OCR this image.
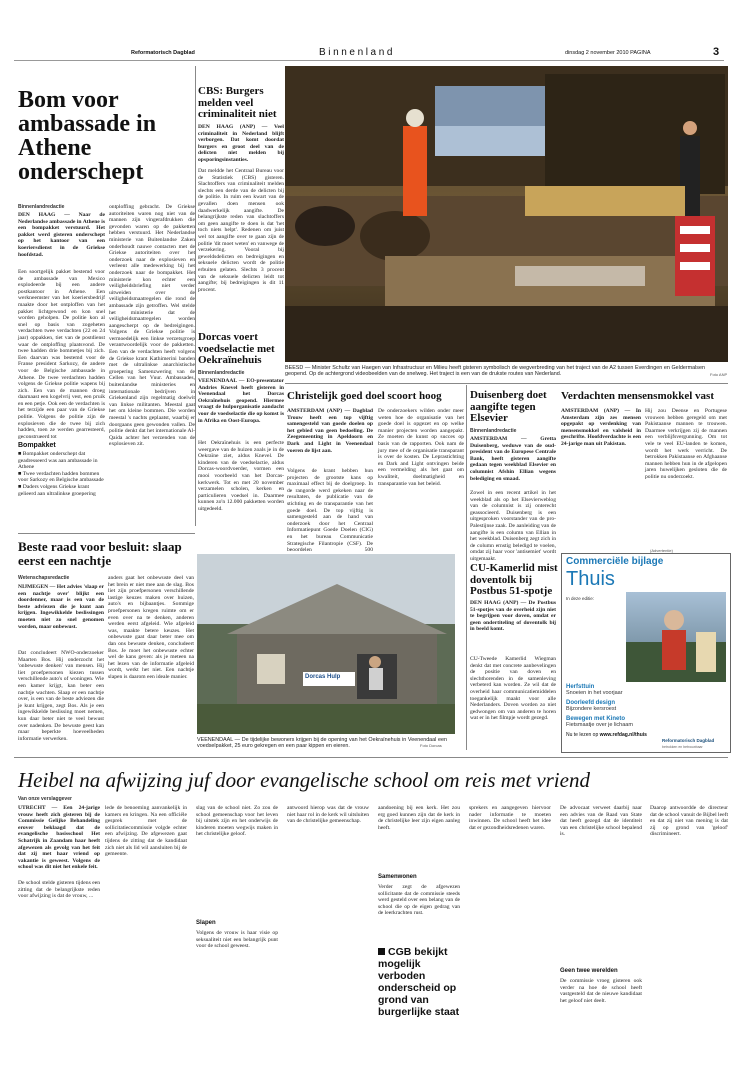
Reformatorisch Dagblad	Binnenland	dinsdag 2 november 2010 PAGINA	3
Bom voor ambassade in Athene onderschept
Binnenlandredactie
DEN HAAG — Naar de Nederlandse ambassade in Athene is een bompakket verstuurd. Het pakket werd gisteren onderschept op het kantoor van een koeriersdienst in de Griekse hoofdstad.
Een soortgelijk pakket bestemd voor de ambassade van Mexico explodeerde bij een andere postkantoor in Athene. Een werkneemster van het koeriersbedrijf maakte door het ontploffen van het pakket lichtgewond en kon snel worden geholpen. De politie kon al snel op basis van zogeheten verdachten twee verdachten (22 en 24 jaar) oppakken, tiet van de postdienst waar de ontploffing plaatsvond. De twee hadden drie bommetjes bij zich. Een daarvan was bestemd voor de Franse president Sarkozy, de andere voor de Belgische ambassade in Athene. De twee verdachten hadden volgens de Griekse politie wapens bij zich. Een van de mannen droeg daarnaast een kogelvrij vest, een pruik en een petje. Ook een de verdachten is het terzijde een paar van de Griekse politie. Volgens de politie zijn de explosieven die de twee bij zich hadden, toen ze werden gearresteerd, geconstrueerd tot
ontploffing gebracht. De Griekse autoriteiten waren nog niet van de mannen zijn vingerafdrukken die gevonden waren op de pakketten hebben verstuurd. Het Nederlandse ministerie van Buitenlandse Zaken onderhoudt nauwe contacten met de Griekse autoriteiten over het onderzoek naar de explosieven en verleent alle medewerking bij het onderzoek naar de bompakket. Het ministerie kon echter een veiligheidsbriefing niet verder uitweiden over de veiligheidsmaatregelen die rond de ambassade zijn getroffen. Wel stelde het ministerie dat de veiligheidsmaatregelen worden aangescherpt op de bedreigingen. Volgens de Griekse politie is vermoedelijk een linkse verzetsgroep verantwoordelijk voor de pakketten. Een van de verdachten heeft volgens de Griekse krant Kathimerini banden met de ultralinkse anarchistische groepering Samenzwering van de Cellen van het Vuur. Ambassades, buitenlandse ministeries en internationale bedrijven in Griekenland zijn regelmatig doelwit van linkse militanten. Meestal gaat het om kleine bommen. Die worden meestal 's nachts geplaatst, waarbij er doorgaans geen gewonden vallen. De politie denkt dat het internationale Al-Qaida achter het verzenden van de explosieven zit.
Bompakket
■ Bompakket onderschept dat geadresseerd was aan ambassade in Athene
■ Twee verdachten hadden bommen voor Sarkozy en Belgische ambassade
■ Daders volgens Griekse krant gelieerd aan ultralinkse groepering
CBS: Burgers melden veel criminaliteit niet
DEN HAAG (ANP) — Veel criminaliteit in Nederland blijft verborgen. Dat komt doordat burgers en groot deel van de delicten niet melden bij opsporingsinstanties.
Dat meldde het Centraal Bureau voor de Statistiek (CBS) gisteren. Slachtoffers van criminaliteit melden slechts een derde van de delicten bij de politie. In ruim een kwart van de gevallen doen mensen ook daadwerkelijk aangifte. De belangrijkste reden van slachtoffers om geen aangifte te doen is dat 'het toch niets helpt'. Redenen om juist wel tot aangifte over te gaan zijn de politie 'dit moet weten' en vanwege de verzekering. Vooral bij geweldsdelicten en bedreigingen en seksuele delicten wordt de politie erbuiten gelaten. Slechts 3 procent van de seksuele delicten leidt tot aangifte; bij bedreigingen is dit 11 procent.
Dorcas voert voedselactie met Oekraïnehuis
Binnenlandredactie
VEENENDAAL — EO-presentator Andries Knevel heeft gisteren in Veenendaal het Dorcas Oekraïnehuis geopend. Hiermee vraagt de hulporganisatie aandacht voor de voedselactie die op komst is in Afrika en Oost-Europa.
Het Oekraïnehuis is een perfecte weergave van de huizen zoals je in de Oekraïne ziet, aldus Knevel. De kinderen van de voedselactie, aldus Dorcas-woordvoerder, vormen een mooi voorbeeld van het Dorcas-kerkwerk. Tot en met 20 november verzamelen scholen, kerken en particulieren voedsel in. Daarmee kunnen zo'n 12.000 pakketten worden uitgedeeld.
BEESD — Minister Schultz van Haegen van Infrastructuur en Milieu heeft gisteren symbolisch de wegverbreding van het traject van de A2 tussen Everdingen en Geldermalsen geopend. Op de achtergrond videobeelden van de snelweg. Het traject is een van de drukste routes van Nederland.	Foto ANP
Christelijk goed doel scoort hoog
AMSTERDAM (ANP) — Dagblad Trouw heeft een top vijftig samengesteld van goede doelen op het gebied van geen bedoeling. De Zeegemeenting in Apeldoorn en Dark and Light in Veenendaal voeren de lijst aan.
Volgens de krant hebben hun projecten de grootste kans op maximaal effect bij de doelgroep. In de rangorde werd gekeken naar de resultaten, de publicatie van de stichting en de transparantie van het goede doel. De top vijftig is samengesteld aan de hand van onderzoek door het Centraal Informatiepunt Goede Doelen (CIG) en het bureau Communicatie Strategische Filantropie (CSF). De beoordelen 500
De onderzoekers wilden onder meer weten hoe de organisatie van het goede doel is opgezet en op welke manier projecten worden aangepakt. Ze moeten de kunst op succes op basis van de rapporten. Ook nam de jury mee of de organisatie transparant is over de kosten. De Leprastichting en Dark and Light ontvingen beide een vermelding als het gaat om kwaliteit, doelmatigheid en transparantie van het beleid.
Dorcas Hulp
VEENENDAAL — De tijdelijke bewoners krijgen bij de opening van het Oekraïnehuis in Veenendaal een voedselpakket, 25 euro gekregen en een paar kippen en eieren.	Foto Dorcas
Beste raad voor besluit: slaap eerst een nachtje
Wetenschapsredactie
NIJMEGEN — Het advies 'slaap er een nachtje over' blijkt een doordenner, maar is een van de beste adviezen die je kunt aan krijgen. Ingewikkelde beslissingen moeten niet zo snel genomen worden, maar onbewust.
Dat concludeert NWO-onderzoeker Maarten Bos. Hij onderzocht het 'onbewuste denken' van mensen. Hij liet proefpersonen kiezen tussen verschillende auto's of woningen. Wie een kamer krijgt, kan beter een nachtje wachten. Slaap er een nachtje over, is een van de beste adviezen die je kunt krijgen, zegt Bos. Als je een ingewikkelde beslissing moet nemen, kun daar beter niet te veel bewust over nadenken. De bewuste geest kan maar beperkte hoeveelheden informatie verwerken.
anders gaat het onbewuste deel van het brein er niet mee aan de slag. Bos liet zijn proefpersonen verschillende lastige keuzes maken over huizen, auto's en bijbaantjes. Sommige proefpersonen kregen ruimte om er even over na te denken, anderen werden eerst afgeleid. Wie afgeleid was, maakte betere keuzes. Het onbewuste gaat daar beter mee om dan ons bewuste denken, concludeert Bos. Je moet het onbewuste echter wel de kans geven: als je meteen na het lezen van de informatie afgeleid wordt, werkt het niet. Een nachtje slapen is daarom een ideale manier.
Duisenberg doet aangifte tegen Elsevier
Binnenlandredactie
AMSTERDAM — Gretta Duisenberg, weduwe van de oud-president van de Europese Centrale Bank, heeft gisteren aangifte gedaan tegen weekblad Elsevier en columnist Afshin Ellian wegens belediging en smaad.
Zowel in een recent artikel in het weekblad als op het Elsevierweblog van de columnist is zij onterecht geassocieerd. Duisenberg is een uitgesproken voorstander van de pro-Palestijnse zaak. De aanleiding van de aangifte is een column van Ellian in het weekblad. Duisenberg zegt zich in de column ernstig beledigd te voelen, omdat zij haar voor 'antisemiet' wordt uitgemaakt.
Verdachten mensensmokkel vast
AMSTERDAM (ANP) — In Amsterdam zijn zes mensen opgepakt op verdenking van mensensmokkel en valsheid in geschrifte. Hoofdverdachte is een 24-jarige man uit Pakistan.
Hij zou Deense en Portugese vrouwen hebben geregeld om met Pakistaanse mannen te trouwen. Daarmee verkrijgen zij de mannen een verblijfsvergunning. Om tot vele te veel EU-landen te komen, wordt het werk verricht. De betrokken Pakistaanse en Afghaanse mannen hebben hun in de afgelopen jaren huwelijken gesloten die de politie nu onderzoekt.
(Advertentie)
Commerciële bijlage
Thuis
In deze editie:
Herfsttuin
Snoeien in het voorjaar
Doorleefd design
Bijzondere kersroest
Bewegen met Kineto
Fietsmaatje over je lichaam
Nu te lezen op www.refdag.nl/thuis
Reformatorisch Dagblad
betrokken en betrouwbaar
CU-Kamerlid mist doventolk bij Postbus 51-spotje
DEN HAAG (ANP) — De Postbus 51-spotjes van de overheid zijn niet te begrijpen voor doven, omdat er geen ondertiteling of doventolk bij in beeld komt.
CU-Tweede Kamerlid Wiegman denkt dat met concrete aanbevelingen de positie van doven en slechthorenden in de samenleving verbeterd kan worden. Ze wil dat de overheid haar communicatiemiddelen toegankelijk maakt voor alle Nederlanders. Doven worden zo niet gedwongen om van anderen te horen wat er in het filmpje wordt gezegd.
Heibel na afwijzing juf door evangelische school om reis met vriend
Van onze verslaggever
UTRECHT — Een 24-jarige vrouw heeft zich gisteren bij de Commissie Gelijke Behandeling erover beklaagd dat de evangelische basisschool Het Schatrijk in Zaandam haar heeft afgewezen als gevolg van het feit dat zij met haar vriend op vakantie is geweest. Volgens de school was dit niet het enkele feit.
De school stelde gisteren tijdens een zitting dat de belangrijkste reden voor afwijzing is dat de vrouw, ...
lede de benoeming aanvankelijk in kamers en kringen. Na een officiële gesprek met de sollicitatiecommissie volgde echter een afwijzing. De afgewezen gaat tijdens de zitting dat de kandidaat zich niet als lid wil aansluiten bij de gemeente.
slag van de school niet. Zo zou de school gemeenschap voor het leven bij uitstek zijn en het onderwijs de kinderen moeten wegwijs maken in het christelijke geloof.
Slapen
Volgens de vrouw is haar visie op seksualiteit niet een belangrijk punt voor de school geweest.
antwoord hierop was dat de vrouw niet haar rol in de kerk wil uitsluiten van de christelijke gemeenschap.
aandoening bij een kerk. Het zou erg goed kunnen zijn dat de kerk in de christelijke leer zijn eigen aanleg heeft.
Samenwonen
Verder zegt de afgewezen sollicitante dat de commissie steeds werd gesteld over een belang van de school die op de eigen gedrag van de leerkrachten rust.
CGB bekijkt mogelijk verboden onderscheid op grond van burgerlijke staat
sprekers en aangegeven hiervoor nader informatie te moeten inwinnen. De school heeft het idee dat er gezondheidsredenen waren.
De advocaat verweet daarbij naar een advies van de Raad van State dat heeft gezegd dat de identiteit van een christelijke school bepalend is.
Geen twee werelden
De commissie vroeg gisteren ook verder na hoe de school heeft vastgesteld dat de nieuwe kandidaat het geloof niet deelt.
Daarop antwoordde de directeur dat de school vanuit de Bijbel leeft en dat zij niet van mening is dat zij op grond van 'geloof' discrimineert.
